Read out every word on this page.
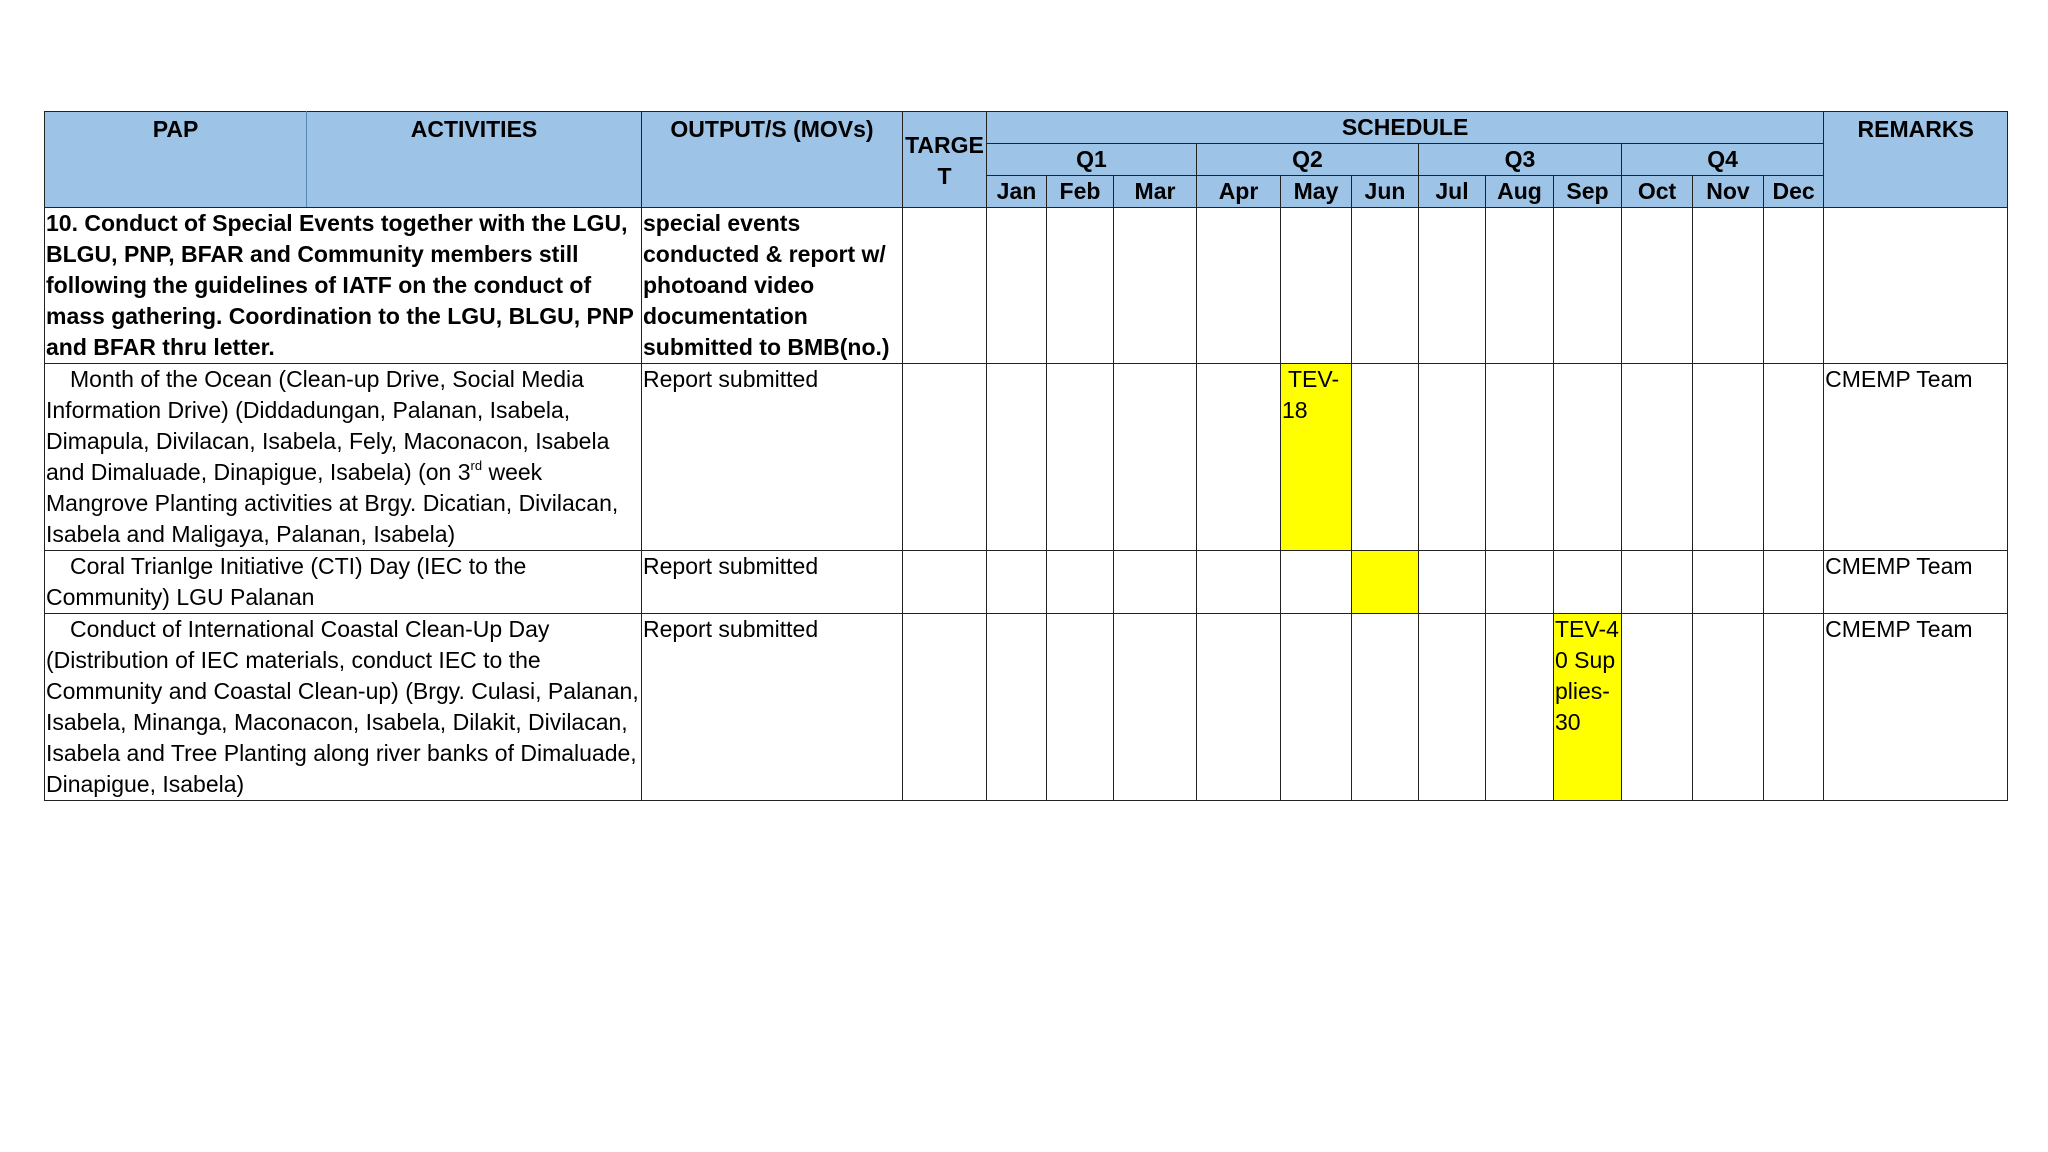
PAP	ACTIVITIES	OUTPUT/S (MOVs)	TARGE T	SCHEDULE												REMARKS
				Q1			Q2			Q3			Q4			
				Jan	Feb	Mar	Apr	May	Jun	Jul	Aug	Sep	Oct	Nov	Dec	
10. Conduct of Special Events together with the LGU, BLGU, PNP, BFAR and Community members still following the guidelines of IATF on the conduct of mass gathering. Coordination to the LGU, BLGU, PNP and BFAR thru letter.		special events conducted & report w/ photoand video documentation submitted to BMB(no.)														
Month of the Ocean (Clean-up Drive, Social Media Information Drive) (Diddadungan, Palanan, Isabela, Dimapula, Divilacan, Isabela, Fely, Maconacon, Isabela and Dimaluade, Dinapigue, Isabela) (on 3rd week Mangrove Planting activities at Brgy. Dicatian, Divilacan, Isabela and Maligaya, Palanan, Isabela)		Report submitted						TEV-18								CMEMP Team
Coral Trianlge Initiative (CTI) Day (IEC to the Community) LGU Palanan		Report submitted														CMEMP Team
Conduct of International Coastal Clean-Up Day (Distribution of IEC materials, conduct IEC to the Community and Coastal Clean-up) (Brgy. Culasi, Palanan, Isabela, Minanga, Maconacon, Isabela, Dilakit, Divilacan, Isabela and Tree Planting along river banks of Dimaluade, Dinapigue, Isabela)		Report submitted										TEV-40 Supplies-30				CMEMP Team
